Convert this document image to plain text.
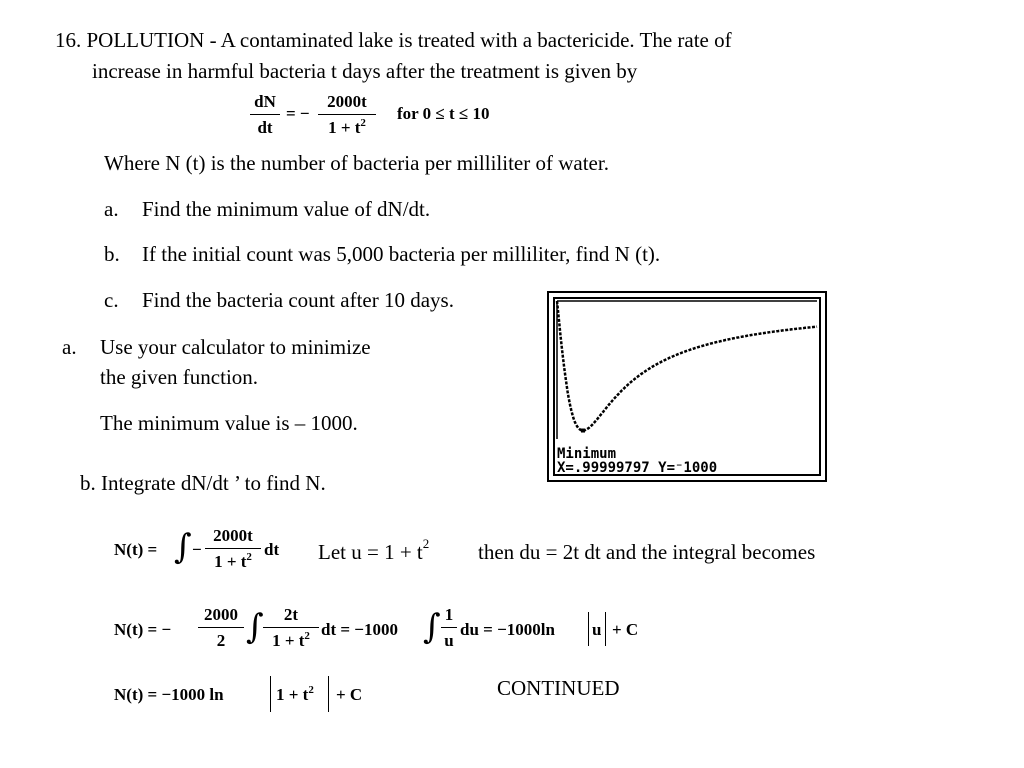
16. POLLUTION - A contaminated lake is treated with a bactericide. The rate of
increase in harmful bacteria t days after the treatment is given by
dN
dt
= −
2000t
$1 + t^2$	for 0 ≤ t ≤ 10
Where N (t) is the number of bacteria per milliliter of water.
a. Find the minimum value of dN/dt.
b. If the initial count was 5,000 bacteria per milliliter, find N (t).
c. Find the bacteria count after 10 days.
a. Use your calculator to minimize
the given function.
The minimum value is – 1000.
Minimum
X=.99999797 Y=⁻1000
b. Integrate dN/dt ’ to find N.
N(t) = ∫ −
2000t
$1 + t^2$ dt Let $u = 1 + t^2$ then du = 2t dt and the integral becomes
N(t) = −
2000
2 ∫	2t
$1 + t^2$ dt = −1000 ∫ 1
u
du = −1000ln u + C
N(t) = −1000 ln	$1 + t^2 + C$	CONTINUED
